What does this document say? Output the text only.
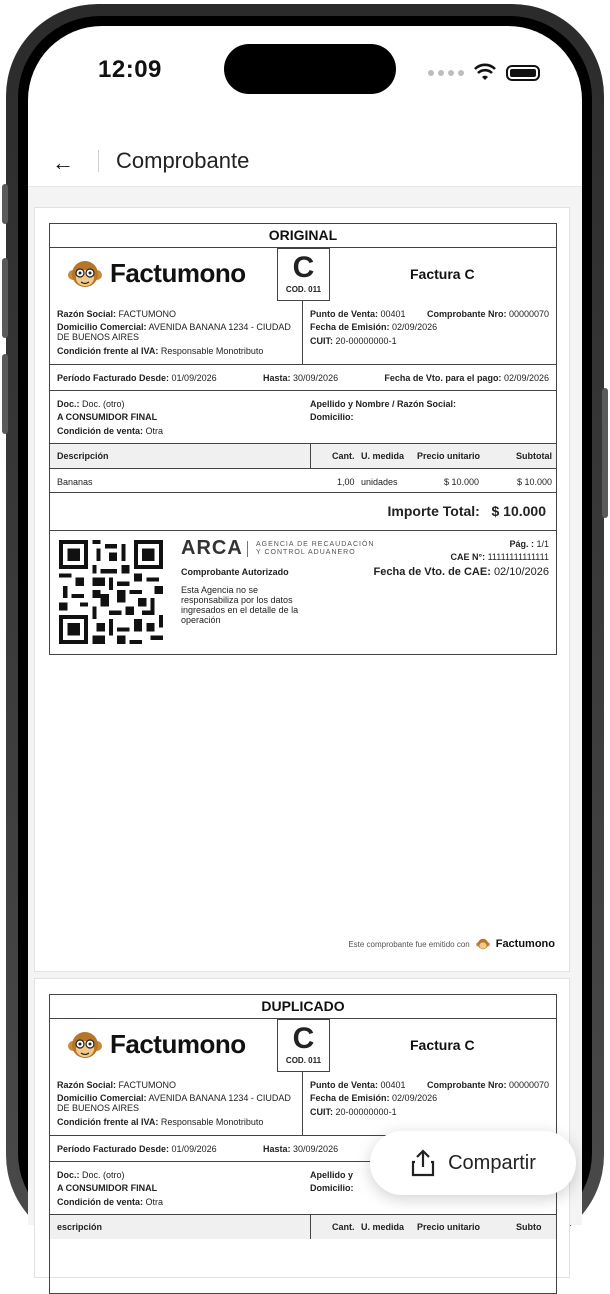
12:09
← Comprobante
ORIGINAL
Factumono	C
COD. 011
Factura C
Razón Social: FACTUMONO
Domicilio Comercial: AVENIDA BANANA 1234 - CIUDAD
DE BUENOS AIRES
Condición frente al IVA: Responsable Monotributo
Punto de Venta: 00401 Comprobante Nro: 00000070
Fecha de Emisión: 02/09/2026
CUIT: 20-00000000-1
Período Facturado Desde: 01/09/2026	Hasta: 30/09/2026	Fecha de Vto. para el pago: 02/09/2026
Doc.: Doc. (otro)
A CONSUMIDOR FINAL
Condición de venta: Otra
Apellido y Nombre / Razón Social:
Domicilio:
Descripción	Cant. U. medida Precio unitario	Subtotal
Bananas	1,00 unidades	$ 10.000	$ 10.000
Importe Total: $ 10.000
ARCA AGENCIA DE RECAUDACIÓN
Y CONTROL ADUANERO
Comprobante Autorizado
Esta Agencia no se
responsabiliza por los datos
ingresados en el detalle de la
operación
Pág. : 1/1
CAE N°: 11111111111111
Fecha de Vto. de CAE: 02/10/2026
Este comprobante fue emitido con Factumono
DUPLICADO
Factumono	C
COD. 011
Factura C
Razón Social: FACTUMONO
Domicilio Comercial: AVENIDA BANANA 1234 - CIUDAD
DE BUENOS AIRES
Condición frente al IVA: Responsable Monotributo
Punto de Venta: 00401 Comprobante Nro: 00000070
Fecha de Emisión: 02/09/2026
CUIT: 20-00000000-1
Período Facturado Desde: 01/09/2026	Hasta: 30/09/2026
Doc.: Doc. (otro)
A CONSUMIDOR FINAL
Condición de venta: Otra
Apellido y
Domicilio:
escripción	Cant. U. medida Precio unitario	Subto
Compartir
